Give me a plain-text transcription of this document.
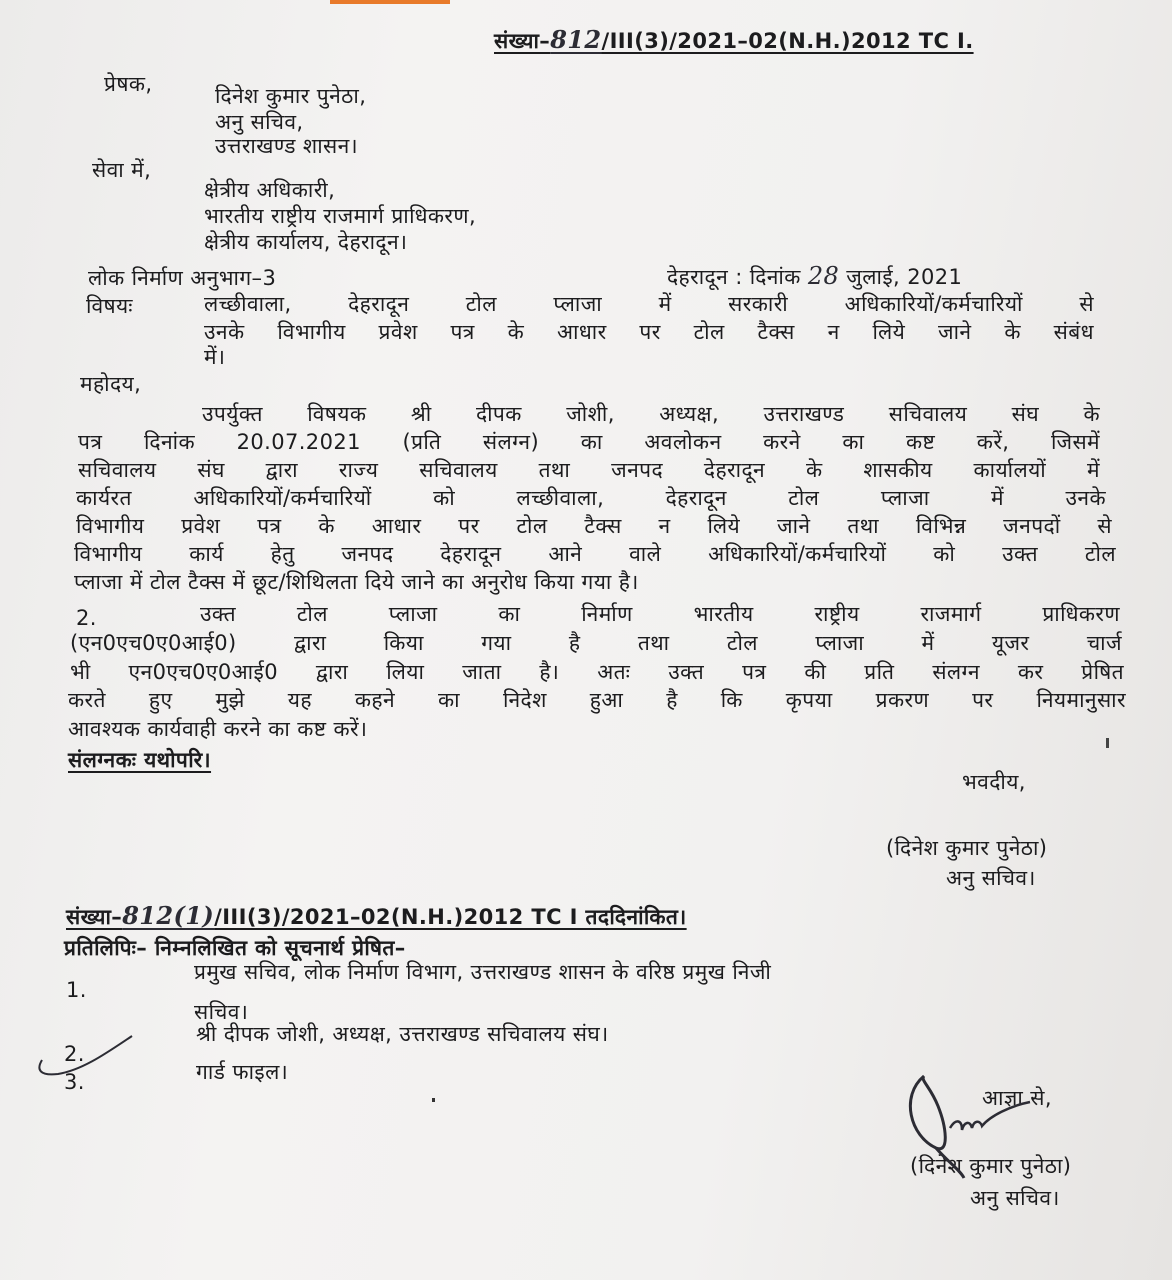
संख्या–812/III(3)/2021–02(N.H.)2012 TC I.
प्रेषक,	दिनेश कुमार पुनेठा,
अनु सचिव,
उत्तराखण्ड शासन।
सेवा में,
क्षेत्रीय अधिकारी,
भारतीय राष्ट्रीय राजमार्ग प्राधिकरण,
क्षेत्रीय कार्यालय, देहरादून।
लोक निर्माण अनुभाग–3	देहरादून : दिनांक 28 जुलाई, 2021
विषयः	लच्छीवाला, देहरादून टोल प्लाजा में सरकारी अधिकारियों/कर्मचारियों से
उनके विभागीय प्रवेश पत्र के आधार पर टोल टैक्स न लिये जाने के संबंध
में।
महोदय,
उपर्युक्त विषयक श्री दीपक जोशी, अध्यक्ष, उत्तराखण्ड सचिवालय संघ के
पत्र दिनांक 20.07.2021 (प्रति संलग्न) का अवलोकन करने का कष्ट करें, जिसमें
सचिवालय संघ द्वारा राज्य सचिवालय तथा जनपद देहरादून के शासकीय कार्यालयों में
कार्यरत अधिकारियों/कर्मचारियों को लच्छीवाला, देहरादून टोल प्लाजा में उनके
विभागीय प्रवेश पत्र के आधार पर टोल टैक्स न लिये जाने तथा विभिन्न जनपदों से
विभागीय कार्य हेतु जनपद देहरादून आने वाले अधिकारियों/कर्मचारियों को उक्त टोल
प्लाजा में टोल टैक्स में छूट/शिथिलता दिये जाने का अनुरोध किया गया है।
2.	उक्त टोल प्लाजा का निर्माण भारतीय राष्ट्रीय राजमार्ग प्राधिकरण
(एन0एच0ए0आई0) द्वारा किया गया है तथा टोल प्लाजा में यूजर चार्ज
भी एन0एच0ए0आई0 द्वारा लिया जाता है। अतः उक्त पत्र की प्रति संलग्न कर प्रेषित
करते हुए मुझे यह कहने का निदेश हुआ है कि कृपया प्रकरण पर नियमानुसार
आवश्यक कार्यवाही करने का कष्ट करें।
संलग्नकः यथोपरि।
भवदीय,
(दिनेश कुमार पुनेठा)
अनु सचिव।
संख्या–812(1)/III(3)/2021–02(N.H.)2012 TC I तददिनांकित।
प्रतिलिपिः– निम्नलिखित को सूचनार्थ प्रेषित–
1.
प्रमुख सचिव, लोक निर्माण विभाग, उत्तराखण्ड शासन के वरिष्ठ प्रमुख निजी
सचिव।
2.
श्री दीपक जोशी, अध्यक्ष, उत्तराखण्ड सचिवालय संघ।
3.	गार्ड फाइल।
आज्ञा से,
(दिनेश कुमार पुनेठा)
अनु सचिव।
